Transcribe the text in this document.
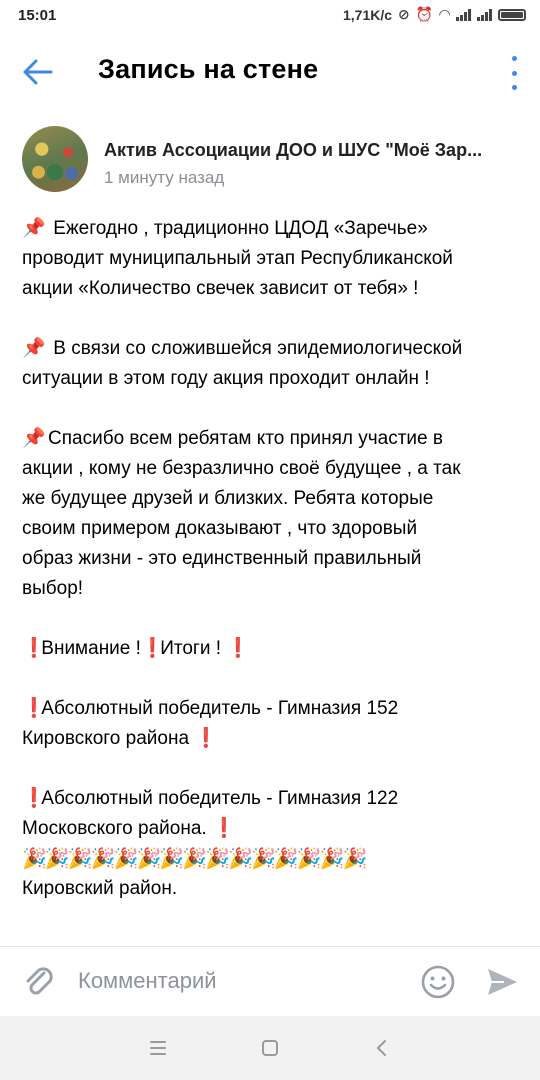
15:01	1,71K/c ⊘ ⏰ ◠
Запись на стене
Актив Ассоциации ДОО и ШУС "Моё Зар...
1 минуту назад

📌 Ежегодно , традиционно ЦДОД «Заречье»

проводит муниципальный этап Республиканской

акции «Количество свечек зависит от тебя» !

📌 В связи со сложившейся эпидемиологической

ситуации в этом году акция проходит онлайн !

📌 Спасибо всем ребятам кто принял участие в

акции , кому не безразлично своё будущее , а так

же будущее друзей и близких. Ребята которые

своим примером доказывают , что здоровый

образ жизни - это единственный правильный

выбор!

❗ Внимание !❗ Итоги ! ❗

❗ Абсолютный победитель - Гимназия 152

Кировского района ❗

❗ Абсолютный победитель - Гимназия 122

Московского района. ❗

🎉🎉🎉🎉🎉🎉🎉🎉🎉🎉🎉🎉🎉🎉🎉

Кировский район.

Комментарий
